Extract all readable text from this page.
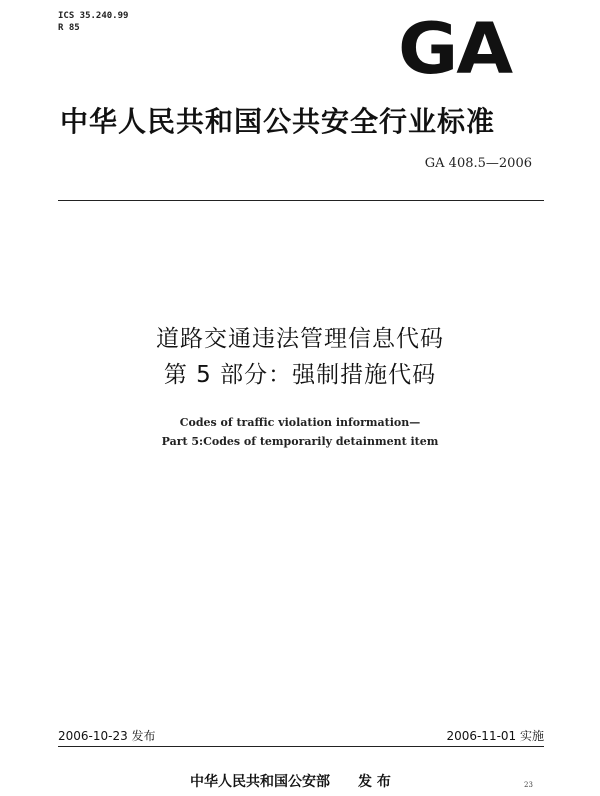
ICS 35.240.99
R 85	GA
中华人民共和国公共安全行业标准
GA 408.5—2006
道路交通违法管理信息代码
第 5 部分：强制措施代码
Codes of traffic violation information—
Part 5:Codes of temporarily detainment item
2006-10-23 发布	2006-11-01 实施
中华人民共和国公安部　　发 布	23
